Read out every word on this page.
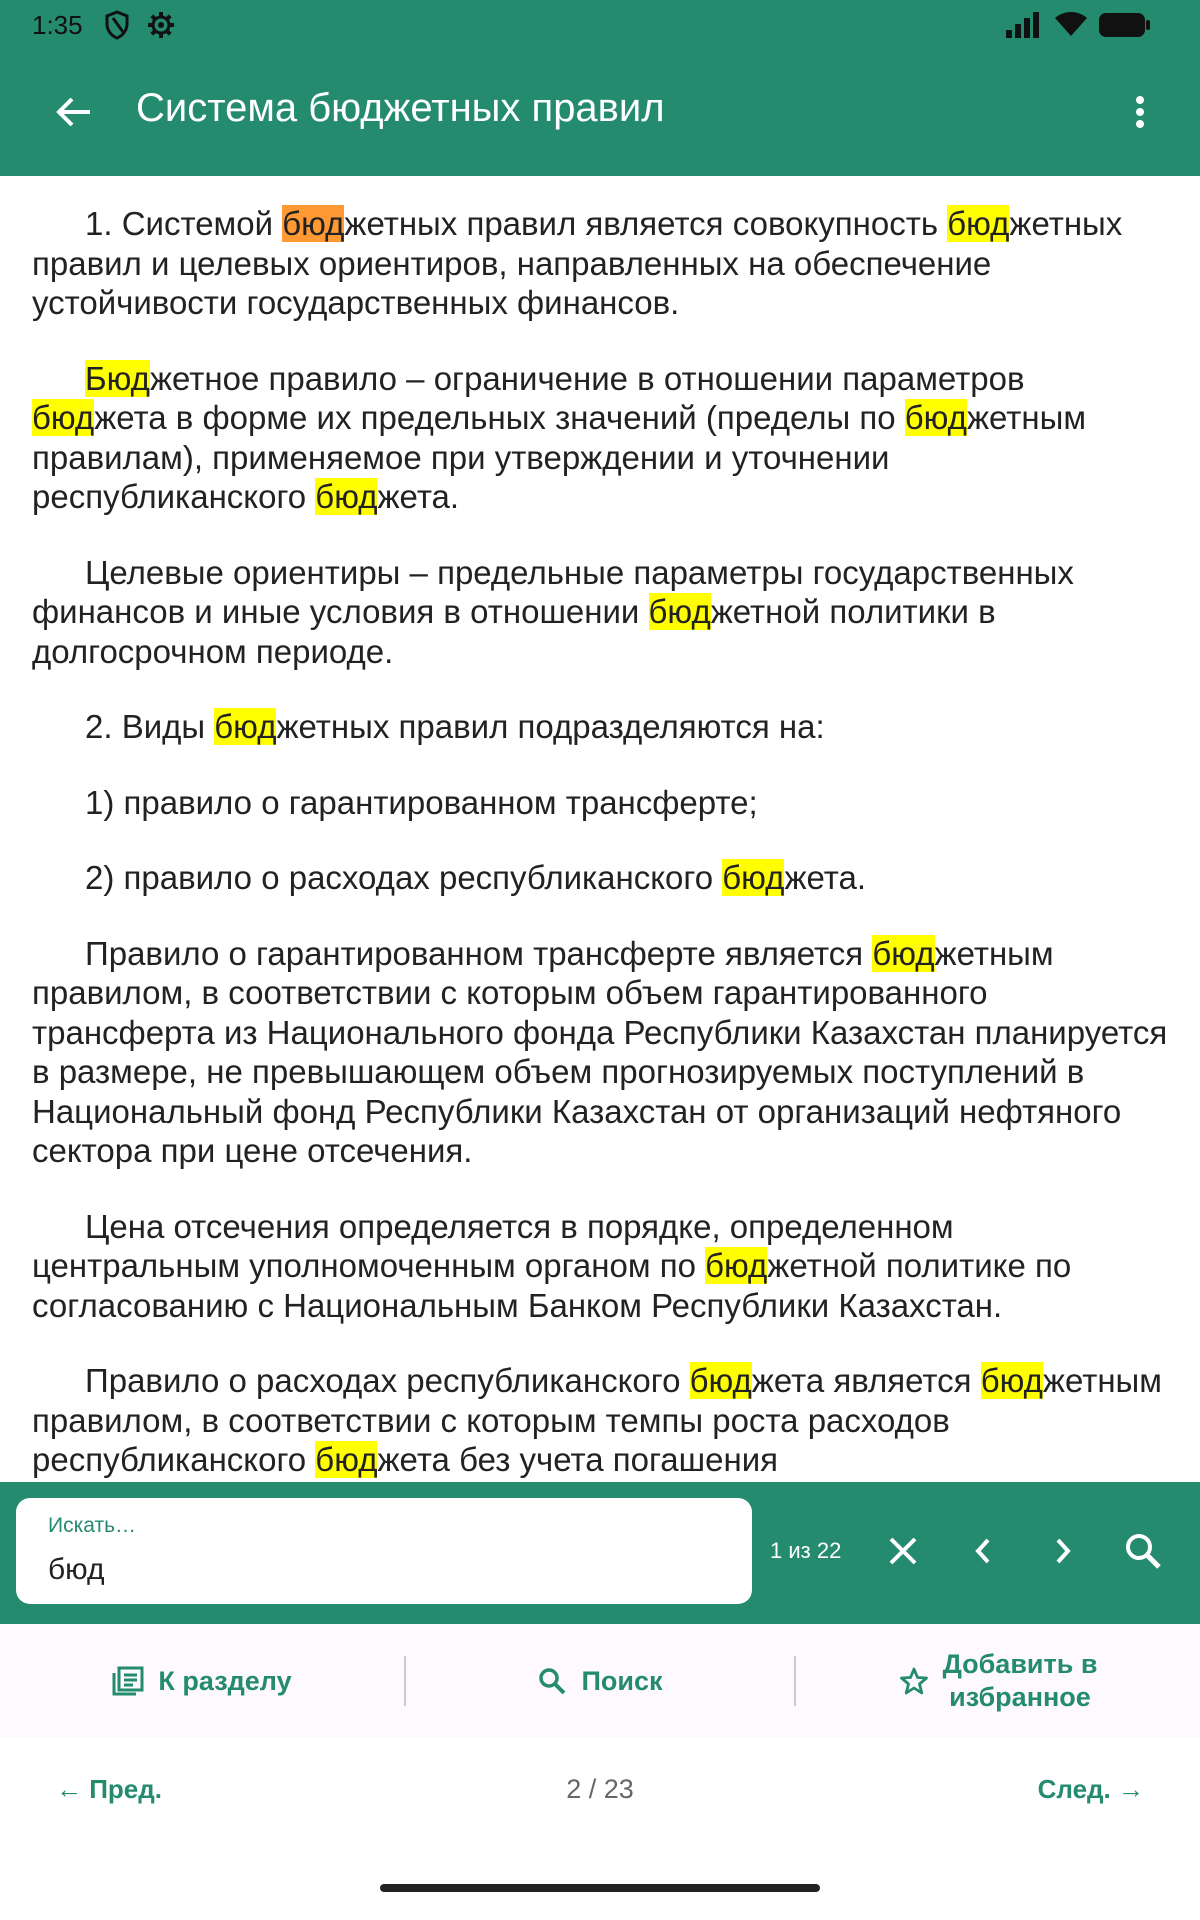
1:35
Система бюджетных правил

1. Системой бюджетных правил является совокупность бюджетных правил и целевых ориентиров, направленных на обеспечение устойчивости государственных финансов.

Бюджетное правило – ограничение в отношении параметров бюджета в форме их предельных значений (пределы по бюджетным правилам), применяемое при утверждении и уточнении республиканского бюджета.

Целевые ориентиры – предельные параметры государственных финансов и иные условия в отношении бюджетной политики в долгосрочном периоде.

2. Виды бюджетных правил подразделяются на:

1) правило о гарантированном трансферте;

2) правило о расходах республиканского бюджета.

Правило о гарантированном трансферте является бюджетным правилом, в соответствии с которым объем гарантированного трансферта из Национального фонда Республики Казахстан планируется в размере, не превышающем объем прогнозируемых поступлений в Национальный фонд Республики Казахстан от организаций нефтяного сектора при цене отсечения.

Цена отсечения определяется в порядке, определенном центральным уполномоченным органом по бюджетной политике по согласованию с Национальным Банком Республики Казахстан.

Правило о расходах республиканского бюджета является бюджетным правилом, в соответствии с которым темпы роста расходов республиканского бюджета без учета погашения

Искать…
бюд
1 из 22
К разделу	Поиск
Добавить в
избранное
2 / 23
← Пред.	След. →
